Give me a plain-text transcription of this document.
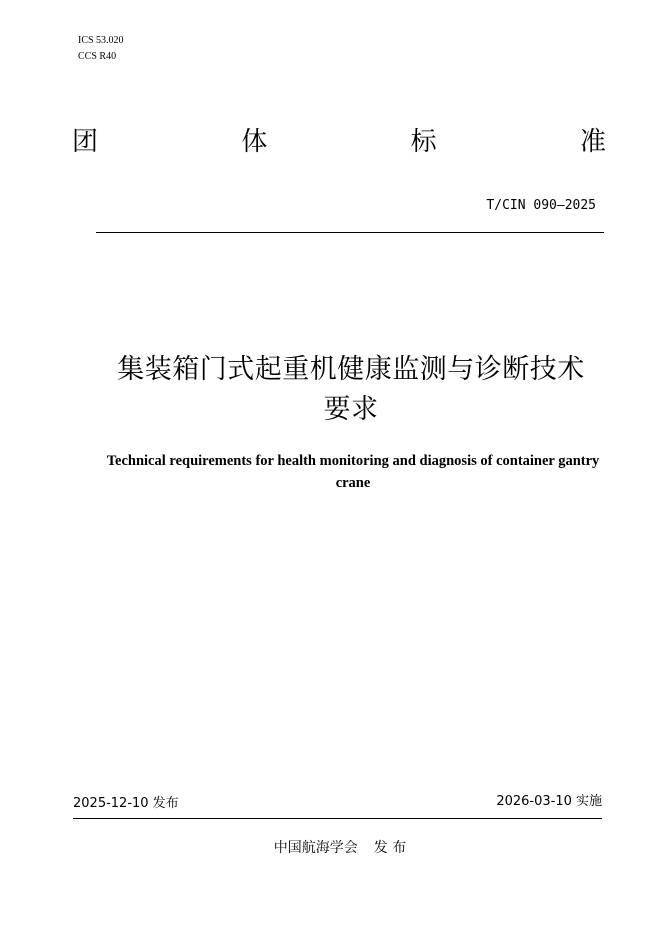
ICS 53.020
CCS R40
团	体	标	准
T/CIN 090—2025
集装箱门式起重机健康监测与诊断技术
要求
Technical requirements for health monitoring and diagnosis of container gantry
crane
2025-12-10 发布	2026-03-10 实施
中国航海学会 发 布
